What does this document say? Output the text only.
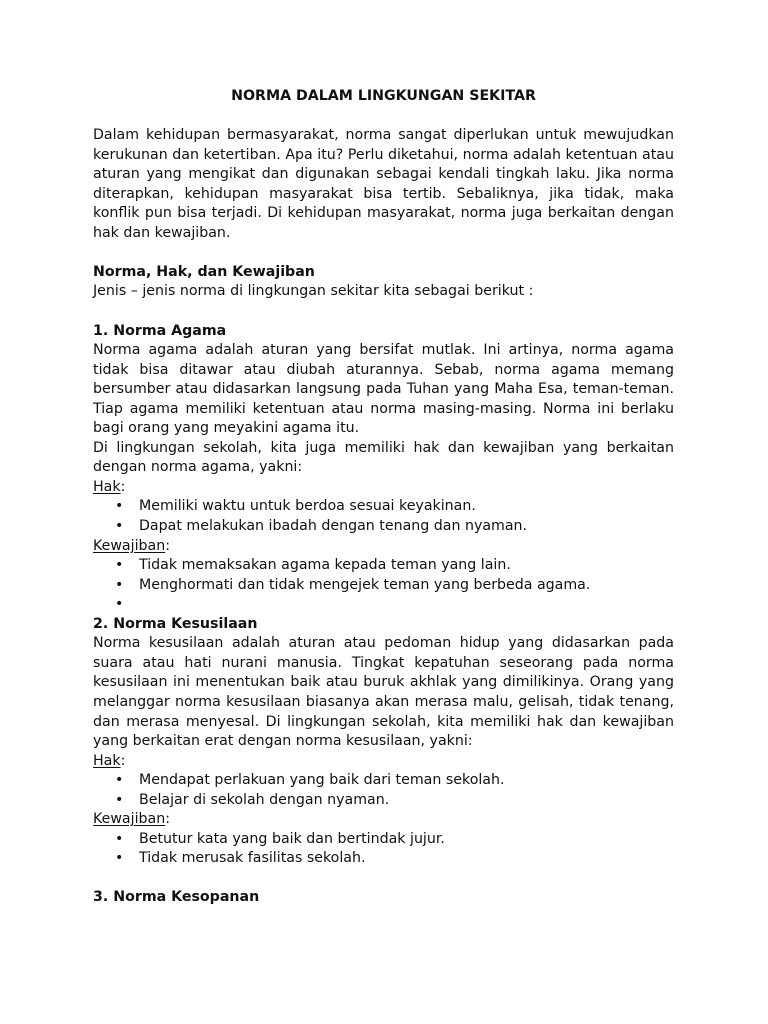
NORMA DALAM LINGKUNGAN SEKITAR

Dalam kehidupan bermasyarakat, norma sangat diperlukan untuk mewujudkan kerukunan dan ketertiban. Apa itu? Perlu diketahui, norma adalah ketentuan atau aturan yang mengikat dan digunakan sebagai kendali tingkah laku. Jika norma diterapkan, kehidupan masyarakat bisa tertib. Sebaliknya, jika tidak, maka konflik pun bisa terjadi. Di kehidupan masyarakat, norma juga berkaitan dengan hak dan kewajiban.

Norma, Hak, dan Kewajiban

Jenis – jenis norma di lingkungan sekitar kita sebagai berikut :

1. Norma Agama

Norma agama adalah aturan yang bersifat mutlak. Ini artinya, norma agama tidak bisa ditawar atau diubah aturannya. Sebab, norma agama memang bersumber atau didasarkan langsung pada Tuhan yang Maha Esa, teman-teman. Tiap agama memiliki ketentuan atau norma masing-masing. Norma ini berlaku bagi orang yang meyakini agama itu.

Di lingkungan sekolah, kita juga memiliki hak dan kewajiban yang berkaitan dengan norma agama, yakni:

Hak:

• Memiliki waktu untuk berdoa sesuai keyakinan.
• Dapat melakukan ibadah dengan tenang dan nyaman.

Kewajiban:

• Tidak memaksakan agama kepada teman yang lain.
• Menghormati dan tidak mengejek teman yang berbeda agama.
•

2. Norma Kesusilaan

Norma kesusilaan adalah aturan atau pedoman hidup yang didasarkan pada suara atau hati nurani manusia. Tingkat kepatuhan seseorang pada norma kesusilaan ini menentukan baik atau buruk akhlak yang dimilikinya. Orang yang melanggar norma kesusilaan biasanya akan merasa malu, gelisah, tidak tenang, dan merasa menyesal. Di lingkungan sekolah, kita memiliki hak dan kewajiban yang berkaitan erat dengan norma kesusilaan, yakni:

Hak:

• Mendapat perlakuan yang baik dari teman sekolah.
• Belajar di sekolah dengan nyaman.

Kewajiban:

• Betutur kata yang baik dan bertindak jujur.
• Tidak merusak fasilitas sekolah.

3. Norma Kesopanan
